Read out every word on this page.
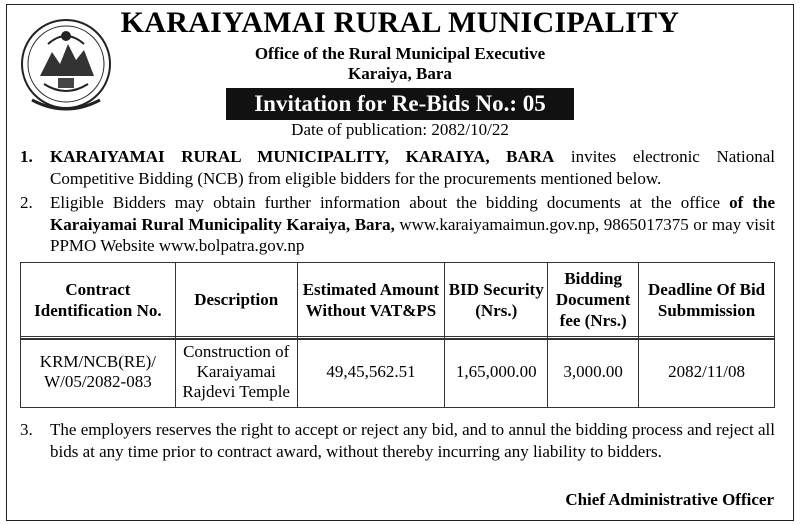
KARAIYAMAI RURAL MUNICIPALITY
Office of the Rural Municipal Executive
Karaiya, Bara
Invitation for Re-Bids No.: 05
Date of publication: 2082/10/22
1. KARAIYAMAI RURAL MUNICIPALITY, KARAIYA, BARA invites electronic National Competitive Bidding (NCB) from eligible bidders for the procurements mentioned below.
2. Eligible Bidders may obtain further information about the bidding documents at the office of the Karaiyamai Rural Municipality Karaiya, Bara, www.karaiyamaimun.gov.np, 9865017375 or may visit PPMO Website www.bolpatra.gov.np
Contract Identification No.	Description	Estimated Amount Without VAT&PS	BID Security (Nrs.)	Bidding Document fee (Nrs.)	Deadline Of Bid Submmission
KRM/NCB(RE)/ W/05/2082-083	Construction of Karaiyamai Rajdevi Temple	49,45,562.51	1,65,000.00	3,000.00	2082/11/08
3. The employers reserves the right to accept or reject any bid, and to annul the bidding process and reject all bids at any time prior to contract award, without thereby incurring any liability to bidders.
Chief Administrative Officer
